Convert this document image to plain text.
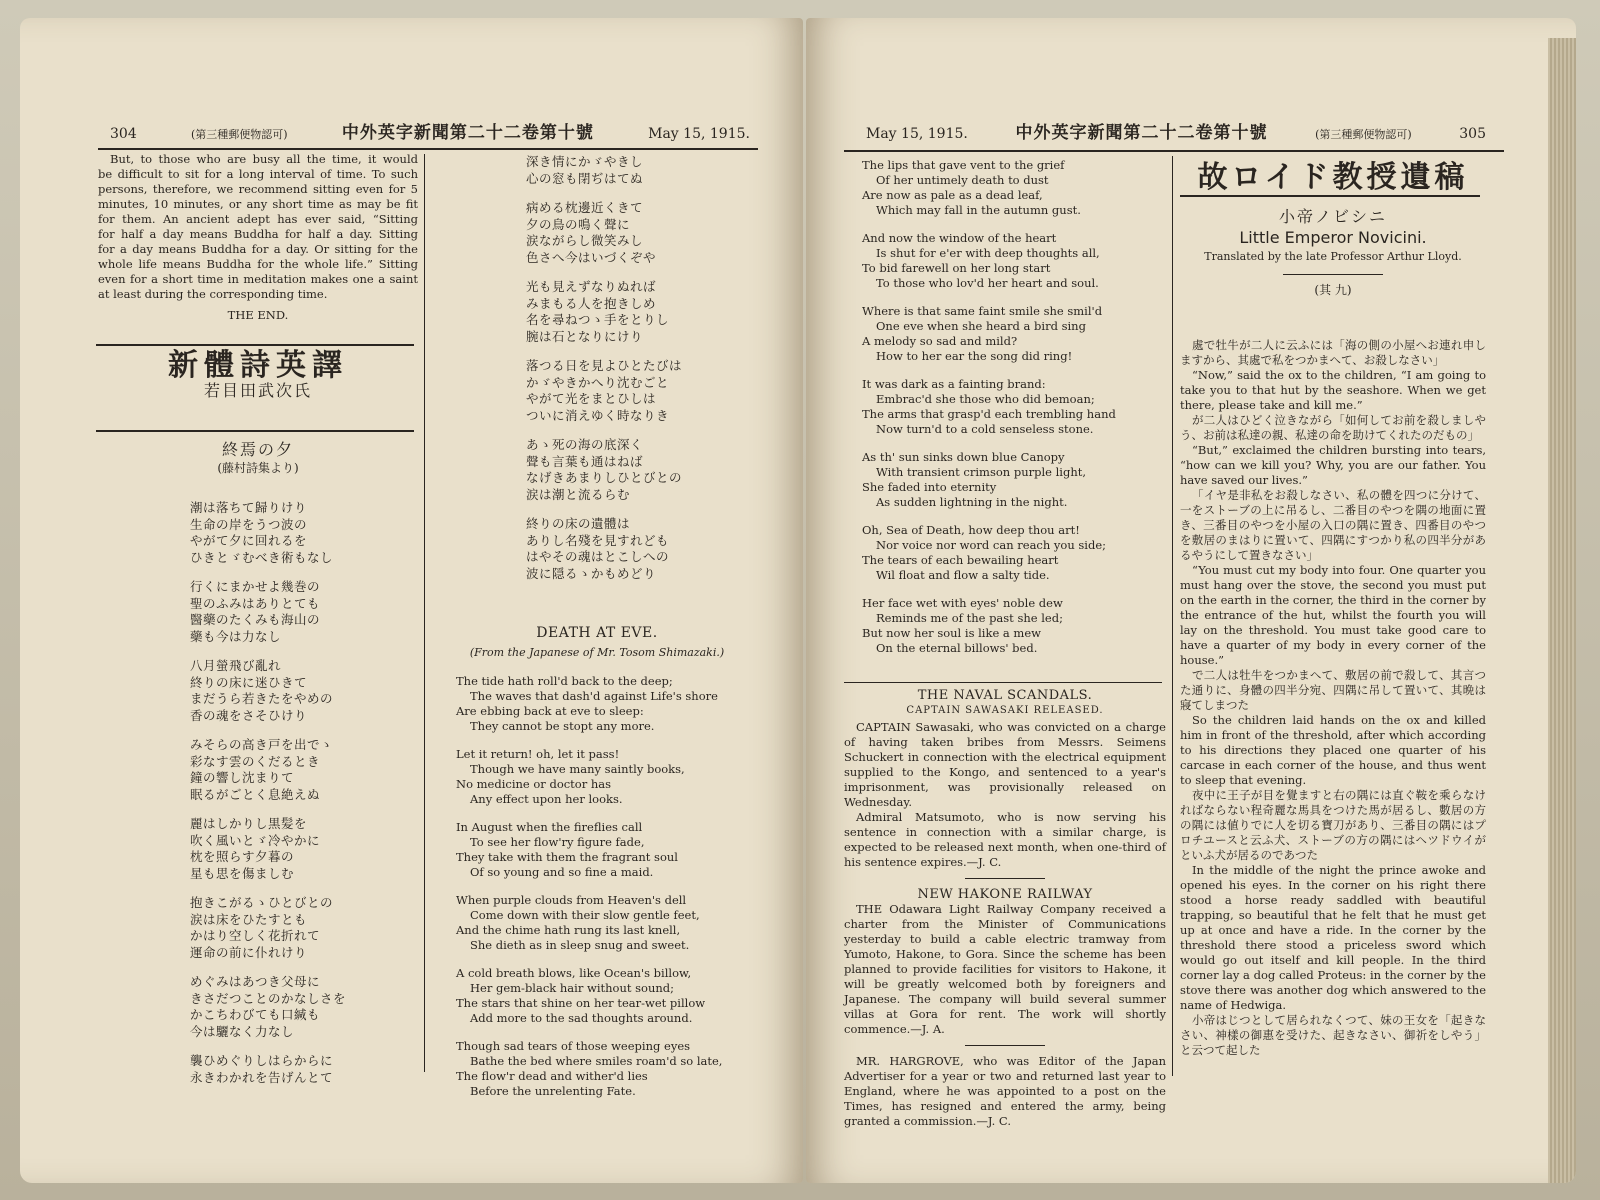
304	(第三種郵便物認可)	中外英字新聞第二十二卷第十號	May 15, 1915.

But, to those who are busy all the time, it would

be difficult to sit for a long interval of time. To such

persons, therefore, we recommend sitting even for 5

minutes, 10 minutes, or any short time as may be fit

for them. An ancient adept has ever said, “Sitting

for half a day means Buddha for half a day. Sitting

for a day means Buddha for a day. Or sitting for the

whole life means Buddha for the whole life.” Sitting

even for a short time in meditation makes one a saint

at least during the corresponding time.

THE END.

新體詩英譯
若目田武次氏
終焉の夕
(藤村詩集より)

潮は落ちて歸りけり

生命の岸をうつ波の

やがて夕に回れるを

ひきとゞむべき術もなし

行くにまかせよ幾巻の

聖のふみはありとても

醫藥のたくみも海山の

藥も今は力なし

八月螢飛び亂れ

終りの床に迷ひきて

まだうら若きたをやめの

香の魂をさそひけり

みそらの高き戸を出でゝ

彩なす雲のくだるとき

鐘の響し沈まりて

眠るがごとく息絶えぬ

麗はしかりし黒髪を

吹く風いとゞ冷やかに

枕を照らす夕暮の

星も思を傷ましむ

抱きこがるゝひとびとの

涙は床をひたすとも

かはり空しく花折れて

運命の前に仆れけり

めぐみはあつき父母に

きさだつことのかなしさを

かこちわびても口緘も

今は驪なく力なし

襲ひめぐりしはらからに

永きわかれを告げんとて

深き情にかゞやきし

心の窓も閉ぢはてぬ

病める枕邊近くきて

夕の鳥の鳴く聲に

涙ながらし微笑みし

色さへ今はいづくぞや

光も見えずなりぬれば

みまもる人を抱きしめ

名を尋ねつゝ手をとりし

腕は石となりにけり

落つる日を見よひとたびは

かゞやきかへり沈むごと

やがて光をまとひしは

ついに消えゆく時なりき

あゝ死の海の底深く

聲も言葉も通はねば

なげきあまりしひとびとの

涙は潮と流るらむ

終りの床の遺體は

ありし名殘を見すれども

はやその魂はとこしへの

波に隠るゝかもめどり

DEATH AT EVE.
(From the Japanese of Mr. Tosom Shimazaki.)

The tide hath roll'd back to the deep;

The waves that dash'd against Life's shore

Are ebbing back at eve to sleep:

They cannot be stopt any more.

Let it return! oh, let it pass!

Though we have many saintly books,

No medicine or doctor has

Any effect upon her looks.

In August when the fireflies call

To see her flow'ry figure fade,

They take with them the fragrant soul

Of so young and so fine a maid.

When purple clouds from Heaven's dell

Come down with their slow gentle feet,

And the chime hath rung its last knell,

She dieth as in sleep snug and sweet.

A cold breath blows, like Ocean's billow,

Her gem-black hair without sound;

The stars that shine on her tear-wet pillow

Add more to the sad thoughts around.

Though sad tears of those weeping eyes

Bathe the bed where smiles roam'd so late,

The flow'r dead and wither'd lies

Before the unrelenting Fate.

May 15, 1915.	中外英字新聞第二十二卷第十號	(第三種郵便物認可)	305

The lips that gave vent to the grief

Of her untimely death to dust

Are now as pale as a dead leaf,

Which may fall in the autumn gust.

And now the window of the heart

Is shut for e'er with deep thoughts all,

To bid farewell on her long start

To those who lov'd her heart and soul.

Where is that same faint smile she smil'd

One eve when she heard a bird sing

A melody so sad and mild?

How to her ear the song did ring!

It was dark as a fainting brand:

Embrac'd she those who did bemoan;

The arms that grasp'd each trembling hand

Now turn'd to a cold senseless stone.

As th' sun sinks down blue Canopy

With transient crimson purple light,

She faded into eternity

As sudden lightning in the night.

Oh, Sea of Death, how deep thou art!

Nor voice nor word can reach you side;

The tears of each bewailing heart

Wil float and flow a salty tide.

Her face wet with eyes' noble dew

Reminds me of the past she led;

But now her soul is like a mew

On the eternal billows' bed.

THE NAVAL SCANDALS.

CAPTAIN SAWASAKI RELEASED.

CAPTAIN Sawasaki, who was convicted on a charge of having taken bribes from Messrs. Seimens Schuckert in connection with the electrical equipment supplied to the Kongo, and sentenced to a year's imprisonment, was provisionally released on Wednesday.

Admiral Matsumoto, who is now serving his sentence in connection with a similar charge, is expected to be released next month, when one-third of his sentence expires.—J. C.

NEW HAKONE RAILWAY

THE Odawara Light Railway Company received a charter from the Minister of Communications yesterday to build a cable electric tramway from Yumoto, Hakone, to Gora. Since the scheme has been planned to provide facilities for visitors to Hakone, it will be greatly welcomed both by foreigners and Japanese. The company will build several summer villas at Gora for rent. The work will shortly commence.—J. A.

MR. HARGROVE, who was Editor of the Japan Advertiser for a year or two and returned last year to England, where he was appointed to a post on the Times, has resigned and entered the army, being granted a commission.—J. C.

故ロイド教授遺稿
小帝ノビシニ
Little Emperor Novicini.
Translated by the late Professor Arthur Lloyd.
(其 九)

處で牡牛が二人に云ふには「海の側の小屋へお連れ申しますから、其處で私をつかまへて、お殺しなさい」

“Now,” said the ox to the children, “I am going to take you to that hut by the seashore. When we get there, please take and kill me.”

が二人はひどく泣きながら「如何してお前を殺しましやう、お前は私達の親、私達の命を助けてくれたのだもの」

“But,” exclaimed the children bursting into tears, “how can we kill you? Why, you are our father. You have saved our lives.”

「イヤ是非私をお殺しなさい、私の體を四つに分けて、一をストーブの上に吊るし、二番目のやつを隅の地面に置き、三番目のやつを小屋の入口の隅に置き、四番目のやつを敷居のまはりに置いて、四隅にすつかり私の四半分があるやうにして置きなさい」

“You must cut my body into four. One quarter you must hang over the stove, the second you must put on the earth in the corner, the third in the corner by the entrance of the hut, whilst the fourth you will lay on the threshold. You must take good care to have a quarter of my body in every corner of the house.”

で二人は牡牛をつかまへて、敷居の前で殺して、其言つた通りに、身體の四半分宛、四隅に吊して置いて、其晩は寢てしまつた

So the children laid hands on the ox and killed him in front of the threshold, after which according to his directions they placed one quarter of his carcase in each corner of the house, and thus went to sleep that evening.

夜中に王子が目を覺ますと右の隅には直ぐ鞍を乘らなければならない程奇麗な馬具をつけた馬が居るし、數居の方の隅には値りでに人を切る寶刀があり、三番目の隅にはプロチユースと云ふ犬、ストーブの方の隅にはヘツドウイがといふ犬が居るのであつた

In the middle of the night the prince awoke and opened his eyes. In the corner on his right there stood a horse ready saddled with beautiful trapping, so beautiful that he felt that he must get up at once and have a ride. In the corner by the threshold there stood a priceless sword which would go out itself and kill people. In the third corner lay a dog called Proteus: in the corner by the stove there was another dog which answered to the name of Hedwiga.

小帝はじつとして居られなくつて、妹の王女を「起きなさい、神樣の御惠を受けた、起きなさい、御祈をしやう」と云つて起した
